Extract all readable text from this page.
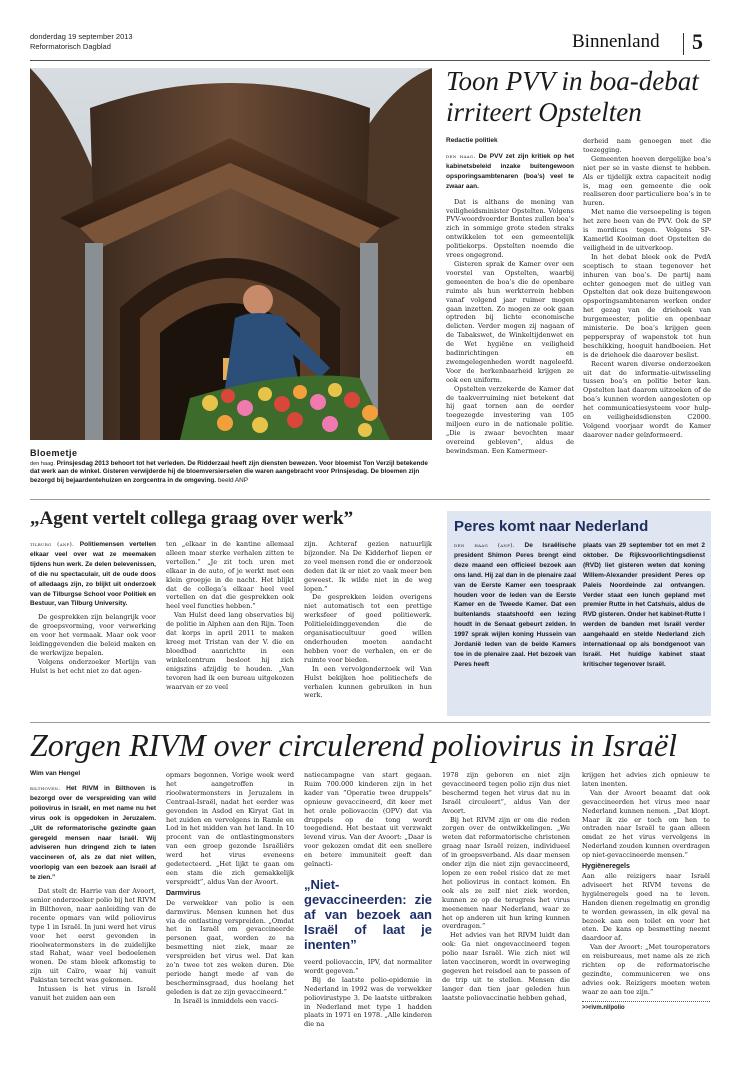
donderdag 19 september 2013
Reformatorisch Dagblad	Binnenland 5
Bloemetje
den haag. Prinsjesdag 2013 behoort tot het verleden. De Ridderzaal heeft zijn diensten bewezen. Voor bloemist Ton Verzijl betekende dat werk aan de winkel. Gisteren verwijderde hij de bloemversierselen die waren aangebracht voor Prinsjesdag. De bloemen zijn bezorgd bij bejaardentehuizen en zorgcentra in de omgeving. beeld ANP
Toon PVV in boa-debat
irriteert Opstelten
Redactie politiek

den haag. De PVV zet zijn kritiek op het kabinetsbeleid inzake buitengewoon opsporingsambtenaren (boa’s) veel te zwaar aan.

Dat is althans de mening van veiligheidsminister Opstelten. Volgens PVV-woordvoerder Bontes zullen boa’s zich in sommige grote steden straks ontwikkelen tot een gemeentelijk politiekorps. Opstelten noemde die vrees ongegrond.

Gisteren sprak de Kamer over een voorstel van Opstelten, waarbij gemeenten de boa’s die de openbare ruimte als hun werkterrein hebben vanaf volgend jaar ruimer mogen gaan inzetten. Zo mogen ze ook gaan optreden bij lichte economische delicten. Verder mogen zij nagaan of de Tabakswet, de Winkeltijdenwet en de Wet hygiëne en veiligheid badinrichtingen en zwemgelegenheden wordt nageleefd. Voor de herkenbaarheid krijgen ze ook een uniform.

Opstelten verzekerde de Kamer dat de taakverruiming niet betekent dat hij gaat tornen aan de eerder toegezegde investering van 105 miljoen euro in de nationale politie. „Die is zwaar bevochten maar overeind gebleven”, aldus de bewindsman. Een Kamermeer-

derheid nam genoegen met die toezegging.

Gemeenten hoeven dergelijke boa’s niet per se in vaste dienst te hebben. Als er tijdelijk extra capaciteit nodig is, mag een gemeente die ook realiseren door particuliere boa’s in te huren.

Met name die versoepeling is tegen het zere been van de PVV. Ook de SP is mordicus tegen. Volgens SP-Kamerlid Kooiman doet Opstelten de veiligheid in de uitverkoop.

In het debat bleek ook de PvdA sceptisch te staan tegenover het inhuren van boa’s. De partij nam echter genoegen met de uitleg van Opstelten dat ook deze buitengewoon opsporingsambtenaren werken onder het gezag van de driehoek van burgemeester, politie en openbaar ministerie. De boa’s krijgen geen pepperspray of wapenstok tot hun beschikking, hooguit handboeien. Het is de driehoek die daarover beslist.

Recent waren diverse onderzoeken uit dat de informatie-uitwisseling tussen boa’s en politie beter kan. Opstelten laat daarom uitzoeken of de boa’s kunnen worden aangesloten op het communicatiesysteem voor hulp- en veiligheidsdiensten C2000. Volgend voorjaar wordt de Kamer daarover nader geïnformeerd.

„Agent vertelt collega graag over werk”

tilburg (anp). Politiemensen vertellen elkaar veel over wat ze meemaken tijdens hun werk. Ze delen belevenissen, of die nu spectaculair, uit de oude doos of alledaags zijn, zo blijkt uit onderzoek van de Tilburgse School voor Politiek en Bestuur, van Tilburg University.

De gesprekken zijn belangrijk voor de groepsvorming, voor verwerking en voor het vermaak. Maar ook voor leidinggevenden die beleid maken en de werkwijze bepalen.

Volgens onderzoeker Merlijn van Hulst is het echt niet zo dat agen-

ten „elkaar in de kantine allemaal alleen maar sterke verhalen zitten te vertellen.” „Je zit toch uren met elkaar in de auto, of je werkt met een klein groepje in de nacht. Het blijkt dat de collega’s elkaar heel veel vertellen en dat die gesprekken ook heel veel functies hebben.”

Van Hulst deed lang observaties bij de politie in Alphen aan den Rijn. Toen dat korps in april 2011 te maken kreeg met Tristan van der V. die en bloedbad aanrichtte in een winkelcentrum besloot hij zich enigszins afzijdig te houden. „Van tevoren had ik een bureau uitgekozen waarvan er zo veel

zijn. Achteraf gezien natuurlijk bijzonder. Na De Kidderhof liepen er zo veel mensen rond die er onderzoek deden dat ik er niet zo vaak meer ben geweest. Ik wilde niet in de weg lopen.”

De gesprekken leiden overigens niet automatisch tot een prettige werksfeer of goed politiewerk. Politieleidinggevenden die de organisatiecultuur goed willen onderhouden moeten aandacht hebben voor de verhalen, en er de ruimte voor bieden.

In een vervolgonderzoek wil Van Hulst bekijken hoe politiechefs de verhalen kunnen gebruiken in hun werk.

Peres komt naar Nederland

den haag (anp). De Israëlische president Shimon Peres brengt eind deze maand een officieel bezoek aan ons land. Hij zal dan in de plenaire zaal van de Eerste Kamer een toespraak houden voor de leden van de Eerste Kamer en de Tweede Kamer. Dat een buitenlands staatshoofd een lezing houdt in de Senaat gebeurt zelden. In 1997 sprak wijlen koning Hussein van Jordanië leden van de beide Kamers toe in de plenaire zaal. Het bezoek van Peres heeft

plaats van 29 september tot en met 2 oktober. De Rijksvoorlichtingsdienst (RVD) liet gisteren weten dat koning Willem-Alexander president Peres op Paleis Noordeinde zal ontvangen. Verder staat een lunch gepland met premier Rutte in het Catshuis, aldus de RVD gisteren. Onder het kabinet-Rutte I werden de banden met Israël verder aangehaald en stelde Nederland zich internationaal op als bondgenoot van Israël. Het huidige kabinet staat kritischer tegenover Israël.

Zorgen RIVM over circulerend poliovirus in Israël
Wim van Hengel

bilthoven. Het RIVM in Bilthoven is bezorgd over de verspreiding van wild poliovirus in Israël, en met name nu het virus ook is opgedoken in Jeruzalem. „Uit de reformatorische gezindte gaan geregeld mensen naar Israël. Wij adviseren hun dringend zich te laten vaccineren of, als ze dat niet willen, voorlopig van een bezoek aan Israël af te zien.”

Dat stelt dr. Harrie van der Avoort, senior onderzoeker polio bij het RIVM in Bilthoven, naar aanleiding van de recente opmars van wild poliovirus type 1 in Israël. In juni werd het virus voor het eerst gevonden in rioolwatermonsters in de zuidelijke stad Rahat, waar veel bedoeïenen wonen. De stam bleek afkomstig te zijn uit Caïro, waar hij vanuit Pakistan terecht was gekomen.

Intussen is het virus in Israël vanuit het zuiden aan een

opmars begonnen. Vorige week werd het aangetroffen in rioolwatermonsters in Jeruzalem in Centraal-Israël, nadat het eerder was gevonden in Asdod en Kiryat Gat in het zuiden en vervolgens in Ramle en Lod in het midden van het land. In 10 procent van de ontlastingmonsters van een groep gezonde Israëliërs werd het virus eveneens gedetecteerd. „Het lijkt te gaan om een stam die zich gemakkelijk verspreidt”, aldus Van der Avoort.

Darmvirus

De verwekker van polio is een darmvirus. Mensen kunnen het dus via de ontlasting verspreiden. „Omdat het in Israël om gevaccineerde personen gaat, worden ze na besmetting niet ziek, maar ze verspreiden het virus wel. Dat kan zo’n twee tot zes weken duren. Die periode hangt mede af van de bescherminsgraad, dus hoelang het geleden is dat ze zijn gevaccineerd.”

In Israël is inmiddels een vacci-

natiecampagne van start gegaan. Ruim 700.000 kinderen zijn in het kader van ”Operatie twee druppels” opnieuw gevaccineerd, dit keer met het orale poliovaccin (OPV) dat via druppels op de tong wordt toegediend. Het bestaat uit verzwakt levend virus. Van der Avoort: „Daar is voor gekozen omdat dit een snellere en betere immuniteit geeft dan geïnacti-

„Niet-gevaccineerden: zie af van bezoek aan Israël of laat je inenten”

veerd poliovaccin, IPV, dat normaliter wordt gegeven.”

Bij de laatste polio-epidemie in Nederland in 1992 was de verwekker poliovirustype 3. De laatste uitbraken in Nederland met type 1 hadden plaats in 1971 en 1978. „Alle kinderen die na

1978 zijn geboren en niet zijn gevaccineerd tegen polio zijn dus niet beschermd tegen het virus dat nu in Israël circuleert”, aldus Van der Avoort.

Bij het RIVM zijn er om die reden zorgen over de ontwikkelingen. „We weten dat reformatorische christenen graag naar Israël reizen, individueel of in groepsverband. Als daar mensen onder zijn die niet zijn gevaccineerd, lopen ze een reëel risico dat ze met het poliovirus in contact komen. En ook als ze zelf niet ziek worden, kunnen ze op de terugreis het virus meenemen naar Nederland, waar ze het op anderen uit hun kring kunnen overdragen.”

Het advies van het RIVM luidt dan ook: Ga niet ongevaccineerd tegen polio naar Israël. Wie zich niet wil laten vaccineren, wordt in overweging gegeven het reisdoel aan te passen of de trip uit te stellen. Mensen die langer dan tien jaar geleden hun laatste poliovaccinatie hebben gehad,

krijgen het advies zich opnieuw te laten inenten.

Van der Avoort beaamt dat ook gevaccineerden het virus mee naar Nederland kunnen nemen. „Dat klopt. Maar ik zie er toch om hen te ontraden naar Israël te gaan alleen omdat ze het virus vervolgens in Nederland zouden kunnen overdragen op niet-gevaccineerde mensen.”

Hygiëneregels

Aan alle reizigers naar Israël adviseert het RIVM tevens de hygiëneregels goed na te leven. Handen dienen regelmatig en grondig te worden gewassen, in elk geval na bezoek aan een toilet en voor het eten. De kans op besmetting neemt daardoor af.

Van der Avoort: „Met touroperators en reisbureaus, met name als ze zich richten op de reformatorische gezindte, communiceren we ons advies ook. Reizigers moeten weten waar ze aan toe zijn.”

>>rivm.nl/polio
